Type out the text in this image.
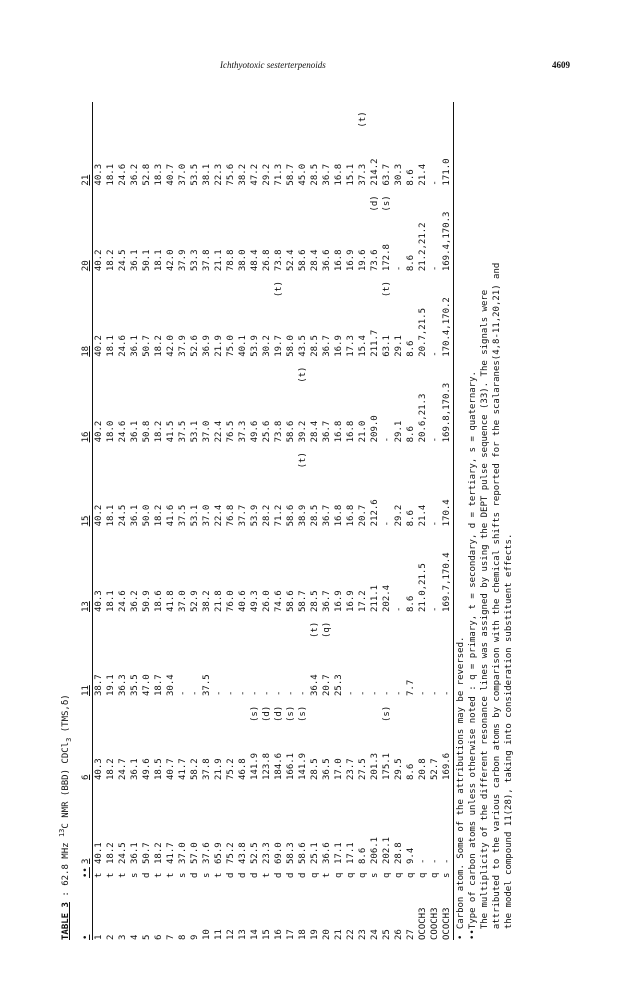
Ichthyotoxic sesterterpenoids	4609
TABLE 3 : 62.8 MHz $^{13}$C NMR (BBD) CDCl$_3$ (TMS,δ)
•	••	3		6		11		13		15		16		18		20		21	
1	t	40.1		40.3		38.7		40.3		40.2		40.2		40.2		40.2		40.3	
2	t	18.2		18.2		19.1		18.1		18.1		18.0		18.1		18.2		18.1	
3	t	24.5		24.7		36.3		24.6		24.5		24.6		24.6		24.5		24.6	
4	s	36.1		36.1		35.5		36.2		36.1		36.1		36.1		36.1		36.2	
5	d	50.7		49.6		47.0		50.9		50.0		50.8		50.7		50.1		52.8	
6	t	18.2		18.5		18.7		18.6		18.2		18.2		18.2		18.1		18.3	
7	t	41.7		40.7		30.4		41.8		41.6		41.5		42.0		42.0		40.7	
8	s	37.0		41.7		-		37.0		37.5		37.5		37.9		37.9		37.0	
9	d	57.0		58.2		-		52.9		53.1		53.1		52.6		53.3		53.5	
10	s	37.6		37.8		37.5		38.2		37.0		37.0		36.9		37.8		38.1	
11	t	65.9		21.9		-		21.8		22.4		22.4		21.9		21.1		22.3	
12	d	75.2		75.2		-		76.0		76.8		76.5		75.0		78.8		75.6	
13	d	43.8		46.8		-		40.6		37.7		37.3		40.1		38.0		38.2	
14	d	52.5		141.9	(s)	-		49.3		53.9		49.6		53.9		48.4		47.2	
15	t	23.3		123.8	(d)	-		26.0		28.2		25.6		30.2		26.8		29.2	
16	d	69.0		184.6	(d)	-		74.6		71.2		73.8		19.7	(t)	73.8		71.3	
17	d	58.3		166.1	(s)	-		58.6		58.6		58.6		58.0		52.4		58.7	
18	d	58.6		141.9	(s)	-		58.7		38.9	(t)	39.2	(t)	43.5		58.6		45.0	
19	q	25.1		28.5		36.4	(t)	28.5		28.5		28.4		28.5		28.4		28.5	
20	t	36.6		36.5		20.7	(q)	36.7		36.7		36.7		36.7		36.6		36.7	
21	q	17.1		17.0		25.3		16.9		16.8		16.8		16.9		16.8		16.8	
22	q	17.1		23.7		-		16.9		16.8		16.8		17.3		16.9		15.1	
23	q	8.6		27.5		-		17.2		20.7		21.0		15.4		19.6		37.3	(t)
24	s	206.1		201.3		-		211.1		212.6		209.0		211.7		73.6	(d)	214.2	
25	q	202.1		175.1	(s)	-		202.4		-		-		63.1	(t)	172.8	(s)	63.7	
26	q	28.8		29.5		-		-		29.2		29.1		29.1		-		30.3	
27	q	9.4		8.6		7.7		8.6		8.6		8.6		8.6		8.6		8.6	
OCOCH3	q	-		20.8		-		21.0,21.5		21.4		20.6,21.3		20.7,21.5		21.2,21.2		21.4	
COOCH3	q	-		52.7		-		-		-		-		-		-		-	
OCOCH3	s	-		169.6		-		169.7,170.4		170.4		169.8,170.3		170.4,170.2		169.4,170.3		171.0	
• Carbon atom. Some of the attributions may be reversed. ••Type of carbon atoms unless otherwise noted : q = primary, t = secondary, d = tertiary, s = quaternary. The multiplicity of the different resonance lines was assigned by using the DEPT pulse sequence (33). The signals were attributed to the various carbon atoms by comparison with the chemical shifts reported for the scalaranes(4,8-11,20,21) and the model compound 11(28), taking into consideration substituent effects.
